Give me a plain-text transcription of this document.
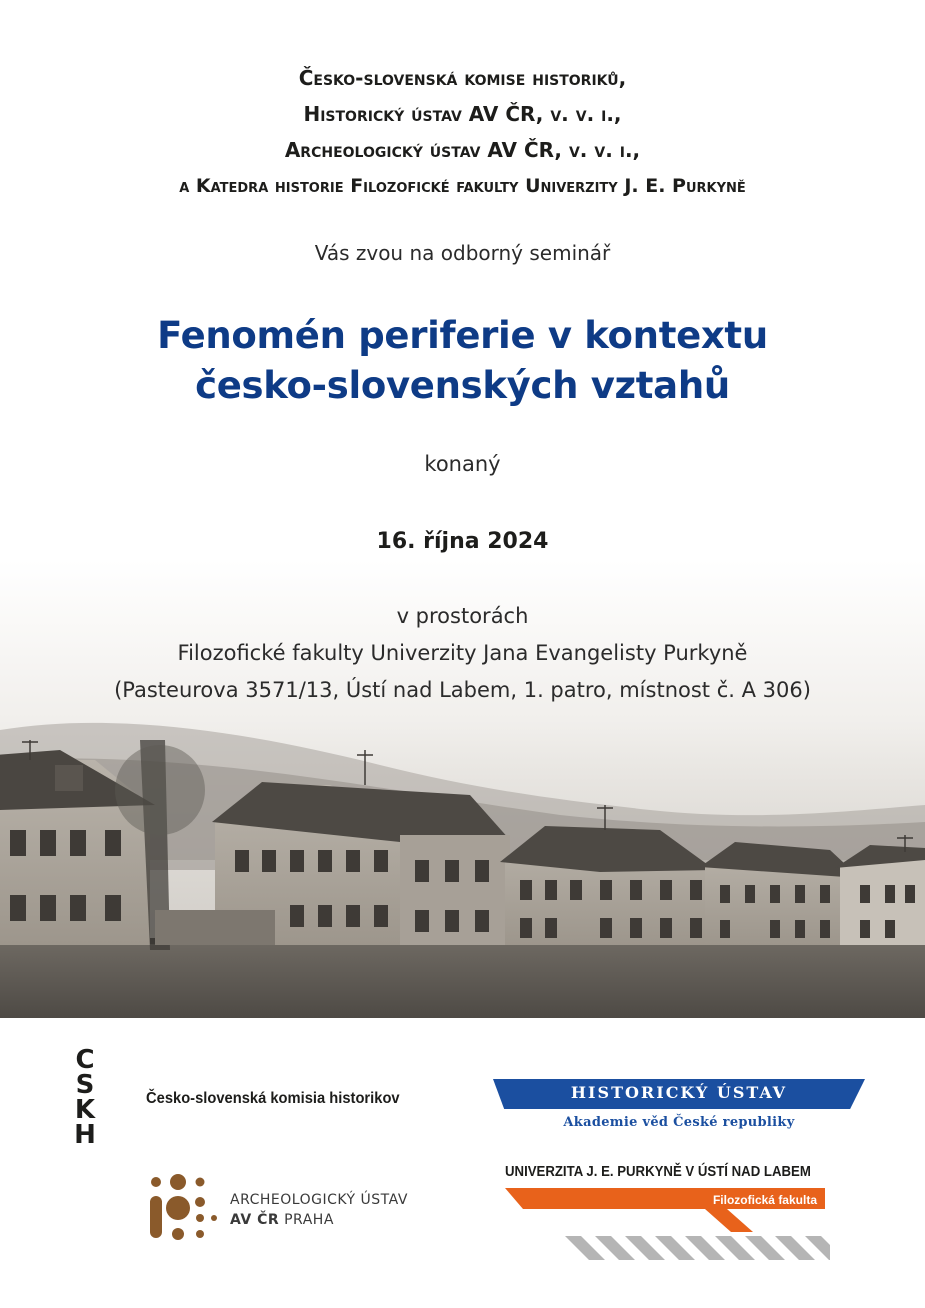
Česko-slovenská komise historiků,
Historický ústav AV ČR, v. v. i.,
Archeologický ústav AV ČR, v. v. i.,
a Katedra historie Filozofické fakulty Univerzity J. E. Purkyně
Vás zvou na odborný seminář
Fenomén periferie v kontextu
česko-slovenských vztahů
konaný
16. října 2024
v prostorách
Filozofické fakulty Univerzity Jana Evangelisty Purkyně
(Pasteurova 3571/13, Ústí nad Labem, 1. patro, místnost č. A 306)
C
S
K
H
Česko-slovenská komisia historikov	HISTORICKÝ ÚSTAV
Akademie věd České republiky
UNIVERZITA J. E. PURKYNĚ V ÚSTÍ NAD LABEM
Filozofická fakulta
ARCHEOLOGICKÝ ÚSTAV
AV ČR PRAHA
